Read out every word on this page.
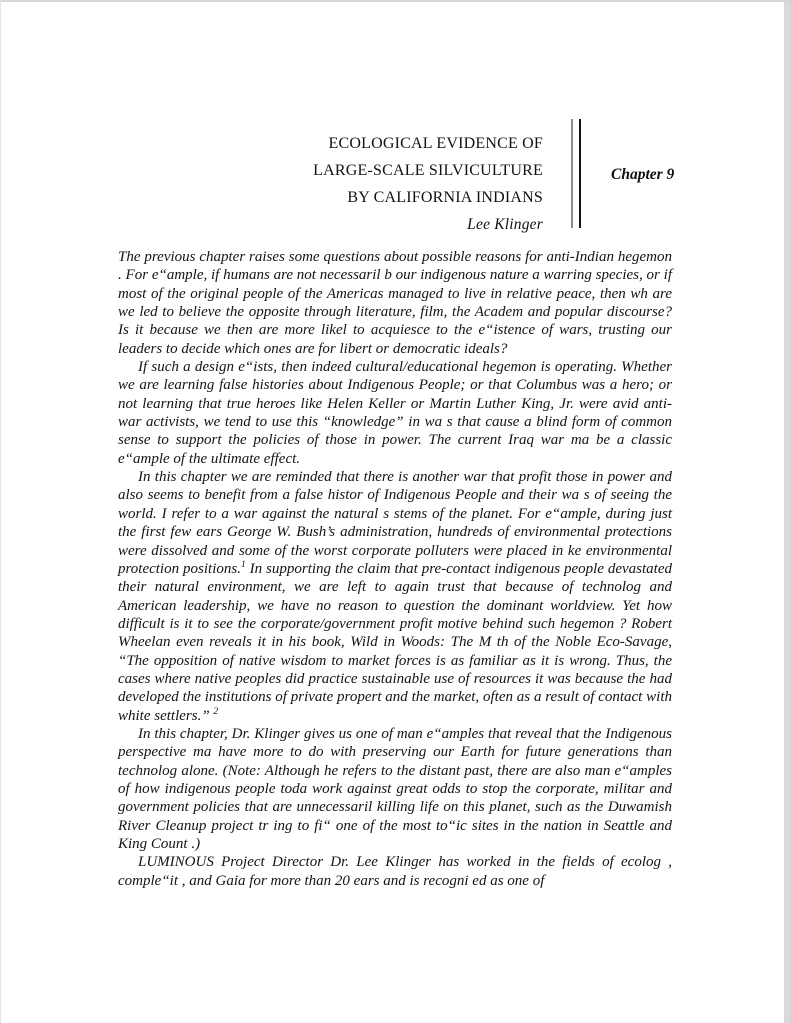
ECOLOGICAL EVIDENCE OF
LARGE-SCALE SILVICULTURE
BY CALIFORNIA INDIANS
Lee Klinger
Chapter 9

The previous chapter raises some questions about possible reasons for anti-Indian hegemon . For e“ample, if humans are not necessaril b our indigenous nature a warring species, or if most of the original people of the Americas managed to live in relative peace, then wh are we led to believe the opposite through literature, film, the Academ and popular discourse? Is it because we then are more likel to acquiesce to the e“istence of wars, trusting our leaders to decide which ones are for libert or democratic ideals?

If such a design e“ists, then indeed cultural/educational hegemon is operating. Whether we are learning false histories about Indigenous People; or that Columbus was a hero; or not learning that true heroes like Helen Keller or Martin Luther King, Jr. were avid anti-war activists, we tend to use this “knowledge” in wa s that cause a blind form of common sense to support the policies of those in power. The current Iraq war ma be a classic e“ample of the ultimate effect.

In this chapter we are reminded that there is another war that profit those in power and also seems to benefit from a false histor of Indigenous People and their wa s of seeing the world. I refer to a war against the natural s stems of the planet. For e“ample, during just the first few ears George W. Bush’s administration, hundreds of environmental protections were dissolved and some of the worst corporate polluters were placed in ke environmental protection positions.$^1$ In supporting the claim that pre-contact indigenous people devastated their natural environment, we are left to again trust that because of technolog and American leadership, we have no reason to question the dominant worldview. Yet how difficult is it to see the corporate/government profit motive behind such hegemon ? Robert Wheelan even reveals it in his book, Wild in Woods: The M th of the Noble Eco-Savage, “The opposition of native wisdom to market forces is as familiar as it is wrong. Thus, the cases where native peoples did practice sustainable use of resources it was because the had developed the institutions of private propert and the market, often as a result of contact with white settlers.” $^2$

In this chapter, Dr. Klinger gives us one of man e“amples that reveal that the Indigenous perspective ma have more to do with preserving our Earth for future generations than technolog alone. (Note: Although he refers to the distant past, there are also man e“amples of how indigenous people toda work against great odds to stop the corporate, militar and government policies that are unnecessaril killing life on this planet, such as the Duwamish River Cleanup project tr ing to fi“ one of the most to“ic sites in the nation in Seattle and King Count .)

LUMINOUS Project Director Dr. Lee Klinger has worked in the fields of ecolog , comple“it , and Gaia for more than 20 ears and is recogni ed as one of
